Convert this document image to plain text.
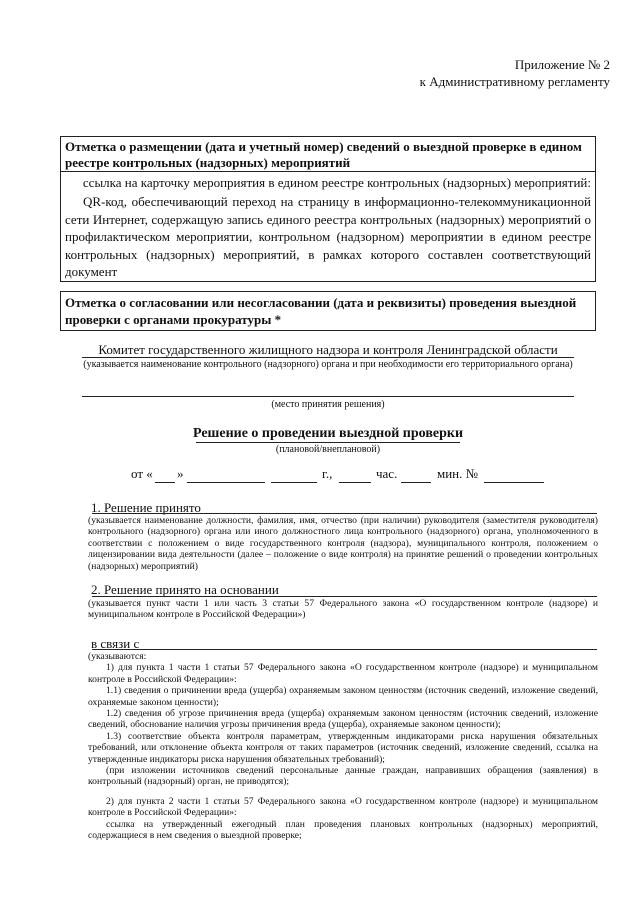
Приложение № 2

к Административному регламенту

Отметка о размещении (дата и учетный номер) сведений о выездной проверке в едином реестре контрольных (надзорных) мероприятий

ссылка на карточку мероприятия в едином реестре контрольных (надзорных) мероприятий:

QR-код, обеспечивающий переход на страницу в информационно-телекоммуникационной сети Интернет, содержащую запись единого реестра контрольных (надзорных) мероприятий о профилактическом мероприятии, контрольном (надзорном) мероприятии в едином реестре контрольных (надзорных) мероприятий, в рамках которого составлен соответствующий документ

Отметка о согласовании или несогласовании (дата и реквизиты) проведения выездной проверки с органами прокуратуры *

Комитет государственного жилищного надзора и контроля Ленинградской области

(указывается наименование контрольного (надзорного) органа и при необходимости его территориального органа)
(место принятия решения)
Решение о проведении выездной проверки
(плановой/внеплановой)
от « »	г.,	час.	мин. №
1. Решение принято
(указывается наименование должности, фамилия, имя, отчество (при наличии) руководителя (заместителя руководителя) контрольного (надзорного) органа или иного должностного лица контрольного (надзорного) органа, уполномоченного в соответствии с положением о виде государственного контроля (надзора), муниципального контроля, положением о лицензировании вида деятельности (далее – положение о виде контроля) на принятие решений о проведении контрольных (надзорных) мероприятий)
2. Решение принято на основании
(указывается пункт части 1 или часть 3 статьи 57 Федерального закона «О государственном контроле (надзоре) и муниципальном контроле в Российской Федерации»)
в связи с

(указываются:

1) для пункта 1 части 1 статьи 57 Федерального закона «О государственном контроле (надзоре) и муниципальном контроле в Российской Федерации»:

1.1) сведения о причинении вреда (ущерба) охраняемым законом ценностям (источник сведений, изложение сведений, охраняемые законом ценности);

1.2) сведения об угрозе причинения вреда (ущерба) охраняемым законом ценностям (источник сведений, изложение сведений, обоснование наличия угрозы причинения вреда (ущерба), охраняемые законом ценности);

1.3) соответствие объекта контроля параметрам, утвержденным индикаторами риска нарушения обязательных требований, или отклонение объекта контроля от таких параметров (источник сведений, изложение сведений, ссылка на утвержденные индикаторы риска нарушения обязательных требований);

(при изложении источников сведений персональные данные граждан, направивших обращения (заявления) в контрольный (надзорный) орган, не приводятся);

2) для пункта 2 части 1 статьи 57 Федерального закона «О государственном контроле (надзоре) и муниципальном контроле в Российской Федерации»:

ссылка на утвержденный ежегодный план проведения плановых контрольных (надзорных) мероприятий, содержащиеся в нем сведения о выездной проверке;
